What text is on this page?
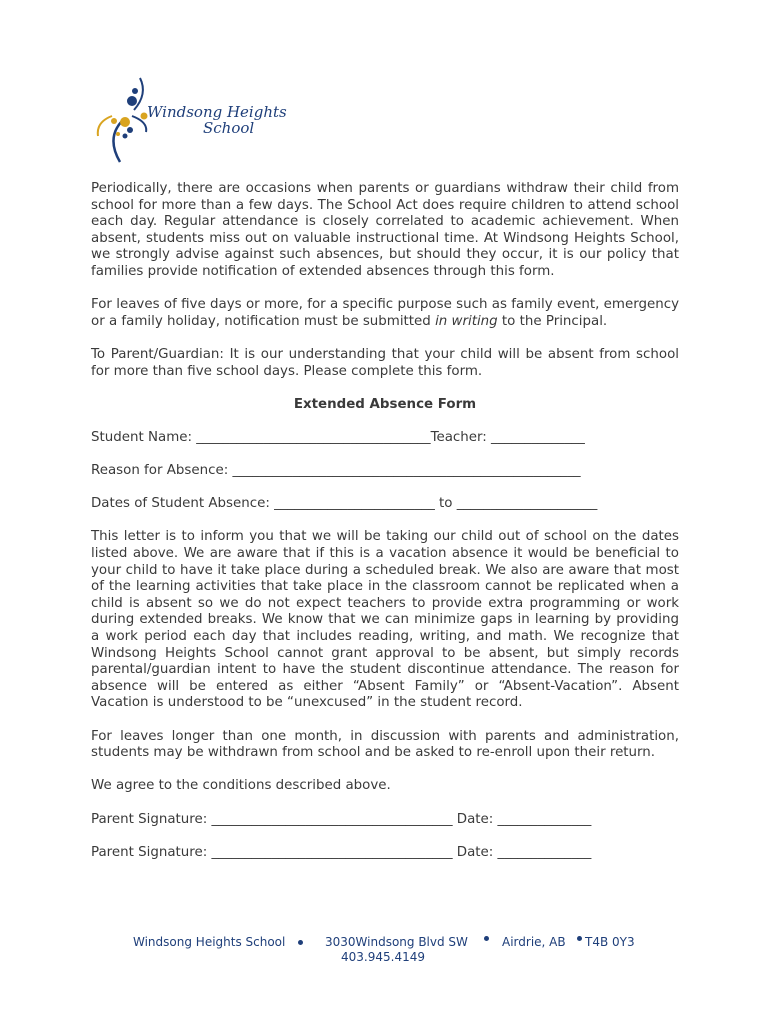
Windsong Heights
School

Periodically, there are occasions when parents or guardians withdraw their child from school for more than a few days. The School Act does require children to attend school each day. Regular attendance is closely correlated to academic achievement. When absent, students miss out on valuable instructional time. At Windsong Heights School, we strongly advise against such absences, but should they occur, it is our policy that families provide notification of extended absences through this form.

For leaves of five days or more, for a specific purpose such as family event, emergency or a family holiday, notification must be submitted in writing to the Principal.

To Parent/Guardian: It is our understanding that your child will be absent from school for more than five school days. Please complete this form.

Extended Absence Form
Student Name: ___________________________________Teacher: ______________
Reason for Absence: ____________________________________________________
Dates of Student Absence: ________________________ to _____________________

This letter is to inform you that we will be taking our child out of school on the dates listed above. We are aware that if this is a vacation absence it would be beneficial to your child to have it take place during a scheduled break. We also are aware that most of the learning activities that take place in the classroom cannot be replicated when a child is absent so we do not expect teachers to provide extra programming or work during extended breaks. We know that we can minimize gaps in learning by providing a work period each day that includes reading, writing, and math. We recognize that Windsong Heights School cannot grant approval to be absent, but simply records parental/guardian intent to have the student discontinue attendance. The reason for absence will be entered as either “Absent Family” or “Absent-Vacation”. Absent Vacation is understood to be “unexcused” in the student record.

For leaves longer than one month, in discussion with parents and administration, students may be withdrawn from school and be asked to re-enroll upon their return.

We agree to the conditions described above.

Parent Signature: ____________________________________ Date: ______________
Parent Signature: ____________________________________ Date: ______________
Windsong Heights School	3030Windsong Blvd SW	Airdrie, AB T4B 0Y3
403.945.4149
